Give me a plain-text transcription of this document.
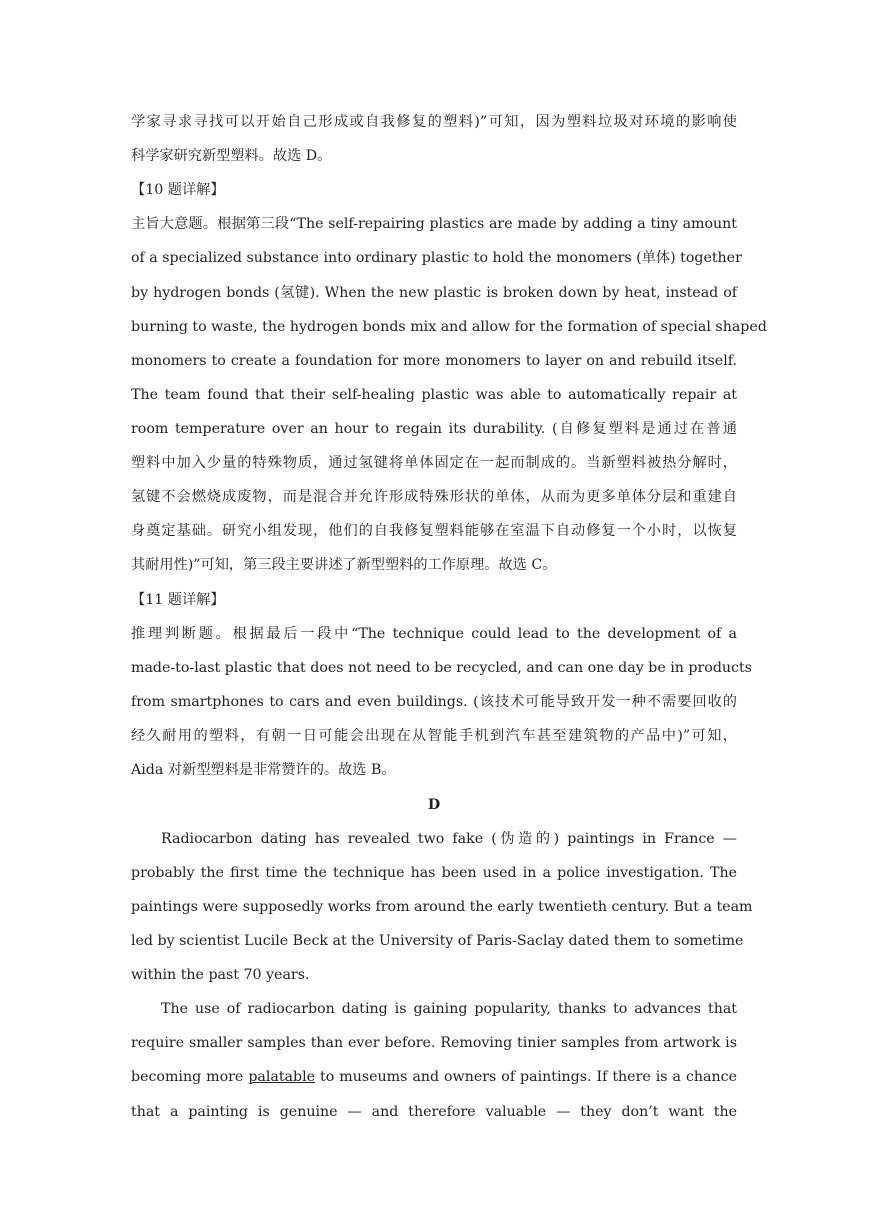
学家寻求寻找可以开始自己形成或自我修复的塑料)”可知，因为塑料垃圾对环境的影响使
科学家研究新型塑料。故选 D。
【10 题详解】
主旨大意题。根据第三段“The self-repairing plastics are made by adding a tiny amount
of a specialized substance into ordinary plastic to hold the monomers (单体) together
by hydrogen bonds (氢键). When the new plastic is broken down by heat, instead of
burning to waste, the hydrogen bonds mix and allow for the formation of special shaped
monomers to create a foundation for more monomers to layer on and rebuild itself.
The team found that their self-healing plastic was able to automatically repair at
room temperature over an hour to regain its durability. (自修复塑料是通过在普通
塑料中加入少量的特殊物质，通过氢键将单体固定在一起而制成的。当新塑料被热分解时，
氢键不会燃烧成废物，而是混合并允许形成特殊形状的单体，从而为更多单体分层和重建自
身奠定基础。研究小组发现，他们的自我修复塑料能够在室温下自动修复一个小时，以恢复
其耐用性)”可知，第三段主要讲述了新型塑料的工作原理。故选 C。
【11 题详解】
推理判断题。根据最后一段中“The technique could lead to the development of a
made-to-last plastic that does not need to be recycled, and can one day be in products
from smartphones to cars and even buildings. (该技术可能导致开发一种不需要回收的
经久耐用的塑料，有朝一日可能会出现在从智能手机到汽车甚至建筑物的产品中)”可知，
Aida 对新型塑料是非常赞许的。故选 B。
D
Radiocarbon dating has revealed two fake (伪造的) paintings in France —
probably the first time the technique has been used in a police investigation. The
paintings were supposedly works from around the early twentieth century. But a team
led by scientist Lucile Beck at the University of Paris-Saclay dated them to sometime
within the past 70 years.
The use of radiocarbon dating is gaining popularity, thanks to advances that
require smaller samples than ever before. Removing tinier samples from artwork is
becoming more palatable to museums and owners of paintings. If there is a chance
that a painting is genuine — and therefore valuable — they don’t want the
